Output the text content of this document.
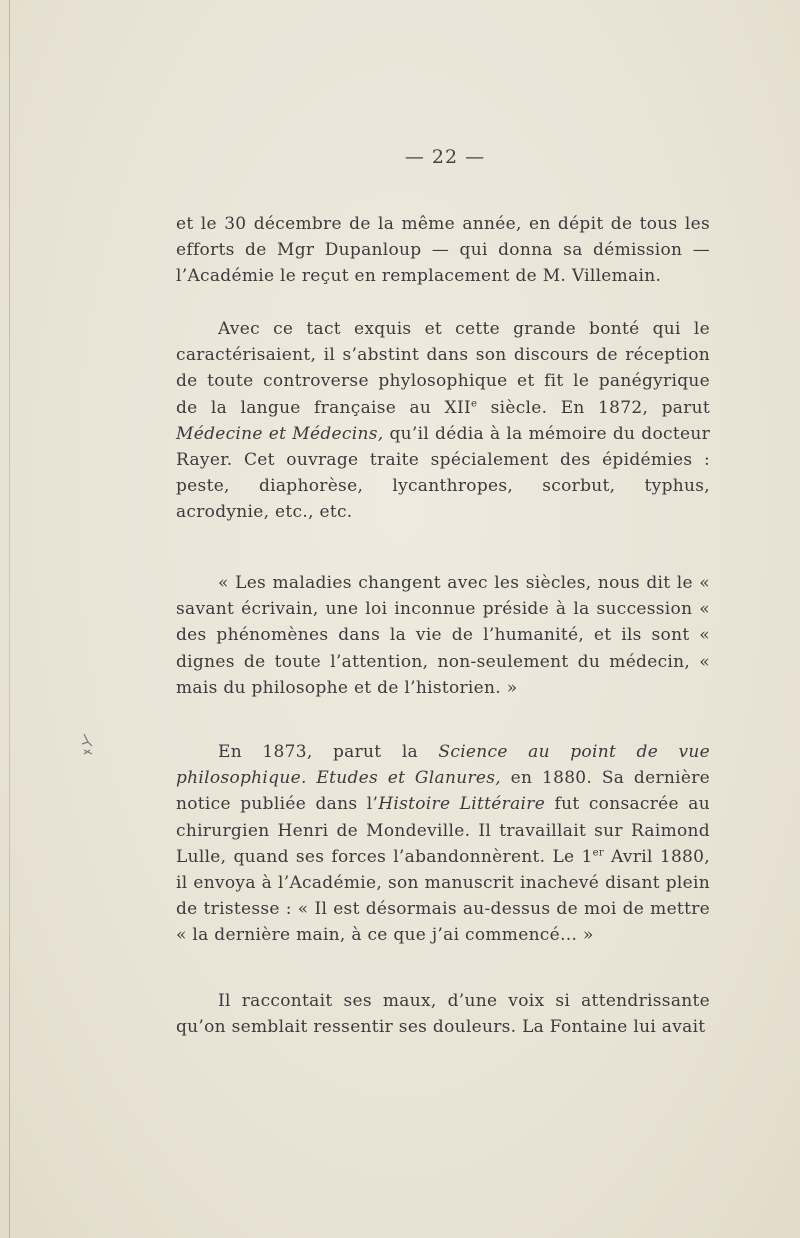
— 22 —

et le 30 décembre de la même année, en dépit de tous les efforts de Mgr Dupanloup — qui donna sa démission — l’Académie le reçut en remplacement de M. Villemain.

Avec ce tact exquis et cette grande bonté qui le caractérisaient, il s’abstint dans son discours de réception de toute controverse phylosophique et fit le panégyrique de la langue française au XIIe siècle. En 1872, parut Médecine et Médecins, qu’il dédia à la mémoire du docteur Rayer. Cet ouvrage traite spécialement des épidémies : peste, diaphorèse, lycanthropes, scorbut, typhus, acrodynie, etc., etc.

« Les maladies changent avec les siècles, nous dit le « savant écrivain, une loi inconnue préside à la succession « des phénomènes dans la vie de l’humanité, et ils sont « dignes de toute l’attention, non-seulement du médecin, « mais du philosophe et de l’historien. »

En 1873, parut la Science au point de vue philosophique. Etudes et Glanures, en 1880. Sa dernière notice publiée dans l’Histoire Littéraire fut consacrée au chirurgien Henri de Mondeville. Il travaillait sur Raimond Lulle, quand ses forces l’abandonnèrent. Le 1er Avril 1880, il envoya à l’Académie, son manuscrit inachevé disant plein de tristesse : « Il est désormais au-dessus de moi de mettre « la dernière main, à ce que j’ai commencé… »

Il raccontait ses maux, d’une voix si attendrissante qu’on semblait ressentir ses douleurs. La Fontaine lui avait
